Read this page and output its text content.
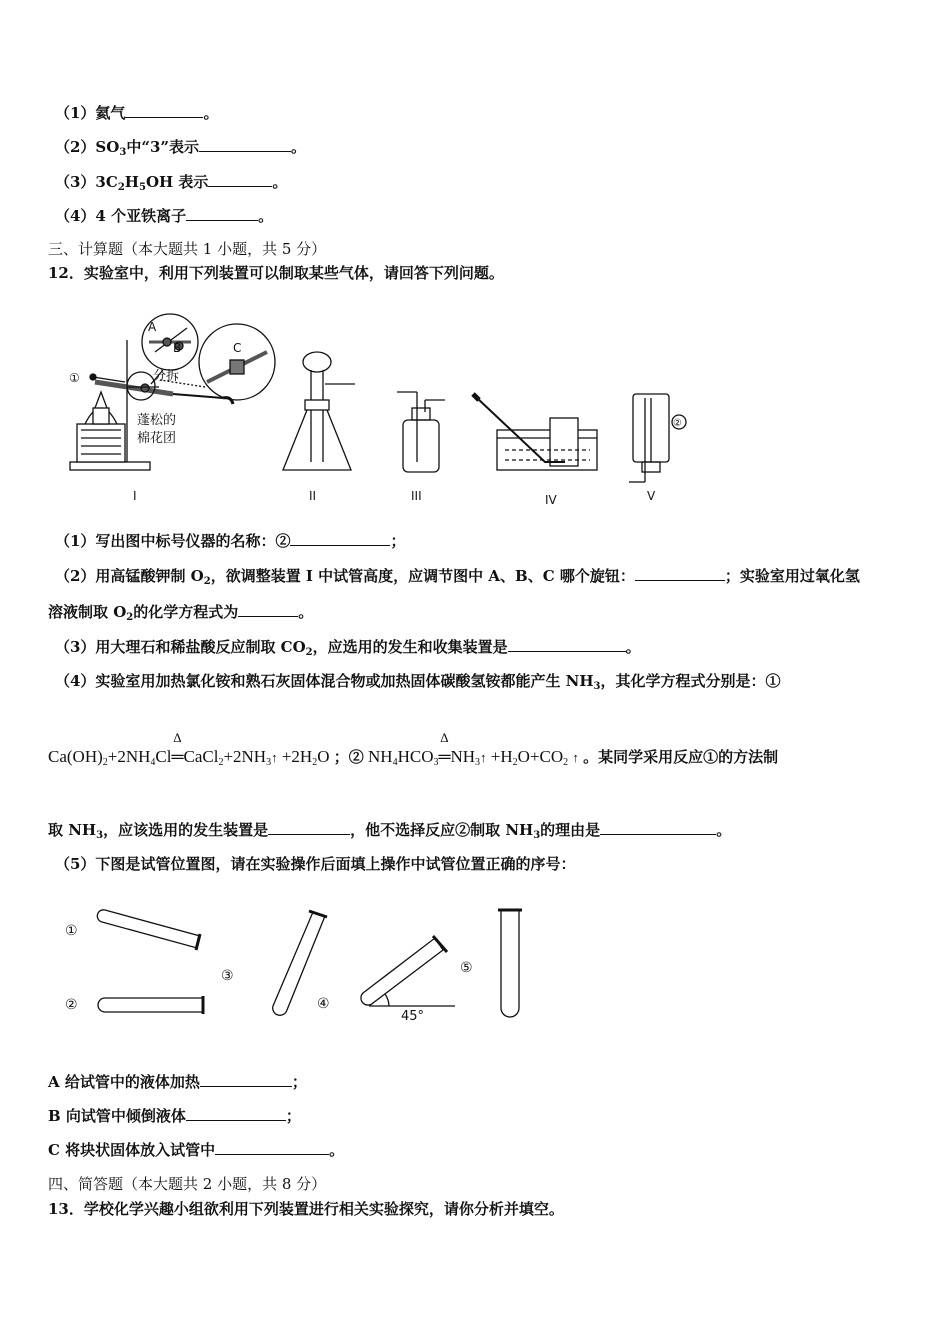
（1）氦气	。
$(2)SO_3$中“3”表示	。
$(3)3C_2H_5OH$ 表示	。
（4）4 个亚铁离子	。
三、计算题（本大题共 1 小题，共 5 分）
12．实验室中，利用下列装置可以制取某些气体，请回答下列问题。
①
A
B	C
分拆
蓬松的
棉花团
②
I	II	III	IV	V
（1）写出图中标号仪器的名称：②	；
（2）用高锰酸钾制 $O_2$，欲调整装置 I 中试管高度，应调节图中 A、B、C 哪个旋钮：	；实验室用过氧化氢
溶液制取 $O_2$的化学方程式为	。
（3）用大理石和稀盐酸反应制取 $CO_2$，应选用的发生和收集装置是	。
（4）实验室用加热氯化铵和熟石灰固体混合物或加热固体碳酸氢铵都能产生 $NH_3$，其化学方程式分别是：①
$Ca(OH)_2+2NH_4Cl$
Δ
$═CaCl_2+2NH_3↑ +2H_2O$ ；② $NH_4HCO_3$
Δ
$═NH_3↑ +H_2O+CO_2$ ↑ 。某同学采用反应①的方法制
取 $NH_3$，应该选用的发生装置是	，他不选择反应②制取 $NH_3$的理由是	。
（5）下图是试管位置图，请在实验操作后面填上操作中试管位置正确的序号：
①
②
③
④
⑤
45°
A 给试管中的液体加热	；
B 向试管中倾倒液体	；
C 将块状固体放入试管中	。
四、简答题（本大题共 2 小题，共 8 分）
13．学校化学兴趣小组欲利用下列装置进行相关实验探究，请你分析并填空。
